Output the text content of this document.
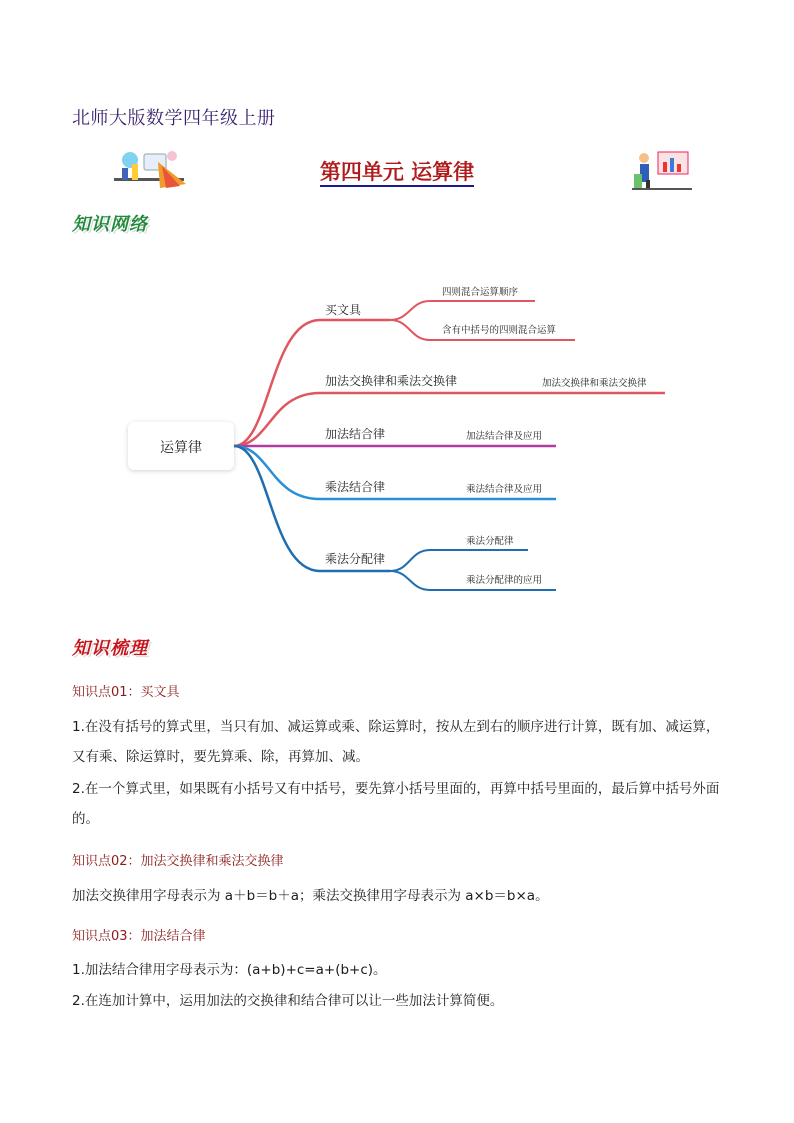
北师大版数学四年级上册
第四单元 运算律
知识网络
运算律
买文具
加法交换律和乘法交换律
加法结合律
乘法结合律
乘法分配律
四则混合运算顺序
含有中括号的四则混合运算
加法交换律和乘法交换律
加法结合律及应用
乘法结合律及应用
乘法分配律
乘法分配律的应用
知识梳理
知识点01：买文具
1.在没有括号的算式里，当只有加、减运算或乘、除运算时，按从左到右的顺序进行计算，既有加、减运算，又有乘、除运算时，要先算乘、除，再算加、减。
2.在一个算式里，如果既有小括号又有中括号，要先算小括号里面的，再算中括号里面的，最后算中括号外面的。
知识点02：加法交换律和乘法交换律
加法交换律用字母表示为 a＋b＝b＋a；乘法交换律用字母表示为 a×b＝b×a。
知识点03：加法结合律
1.加法结合律用字母表示为：(a+b)+c=a+(b+c)。
2.在连加计算中，运用加法的交换律和结合律可以让一些加法计算简便。
